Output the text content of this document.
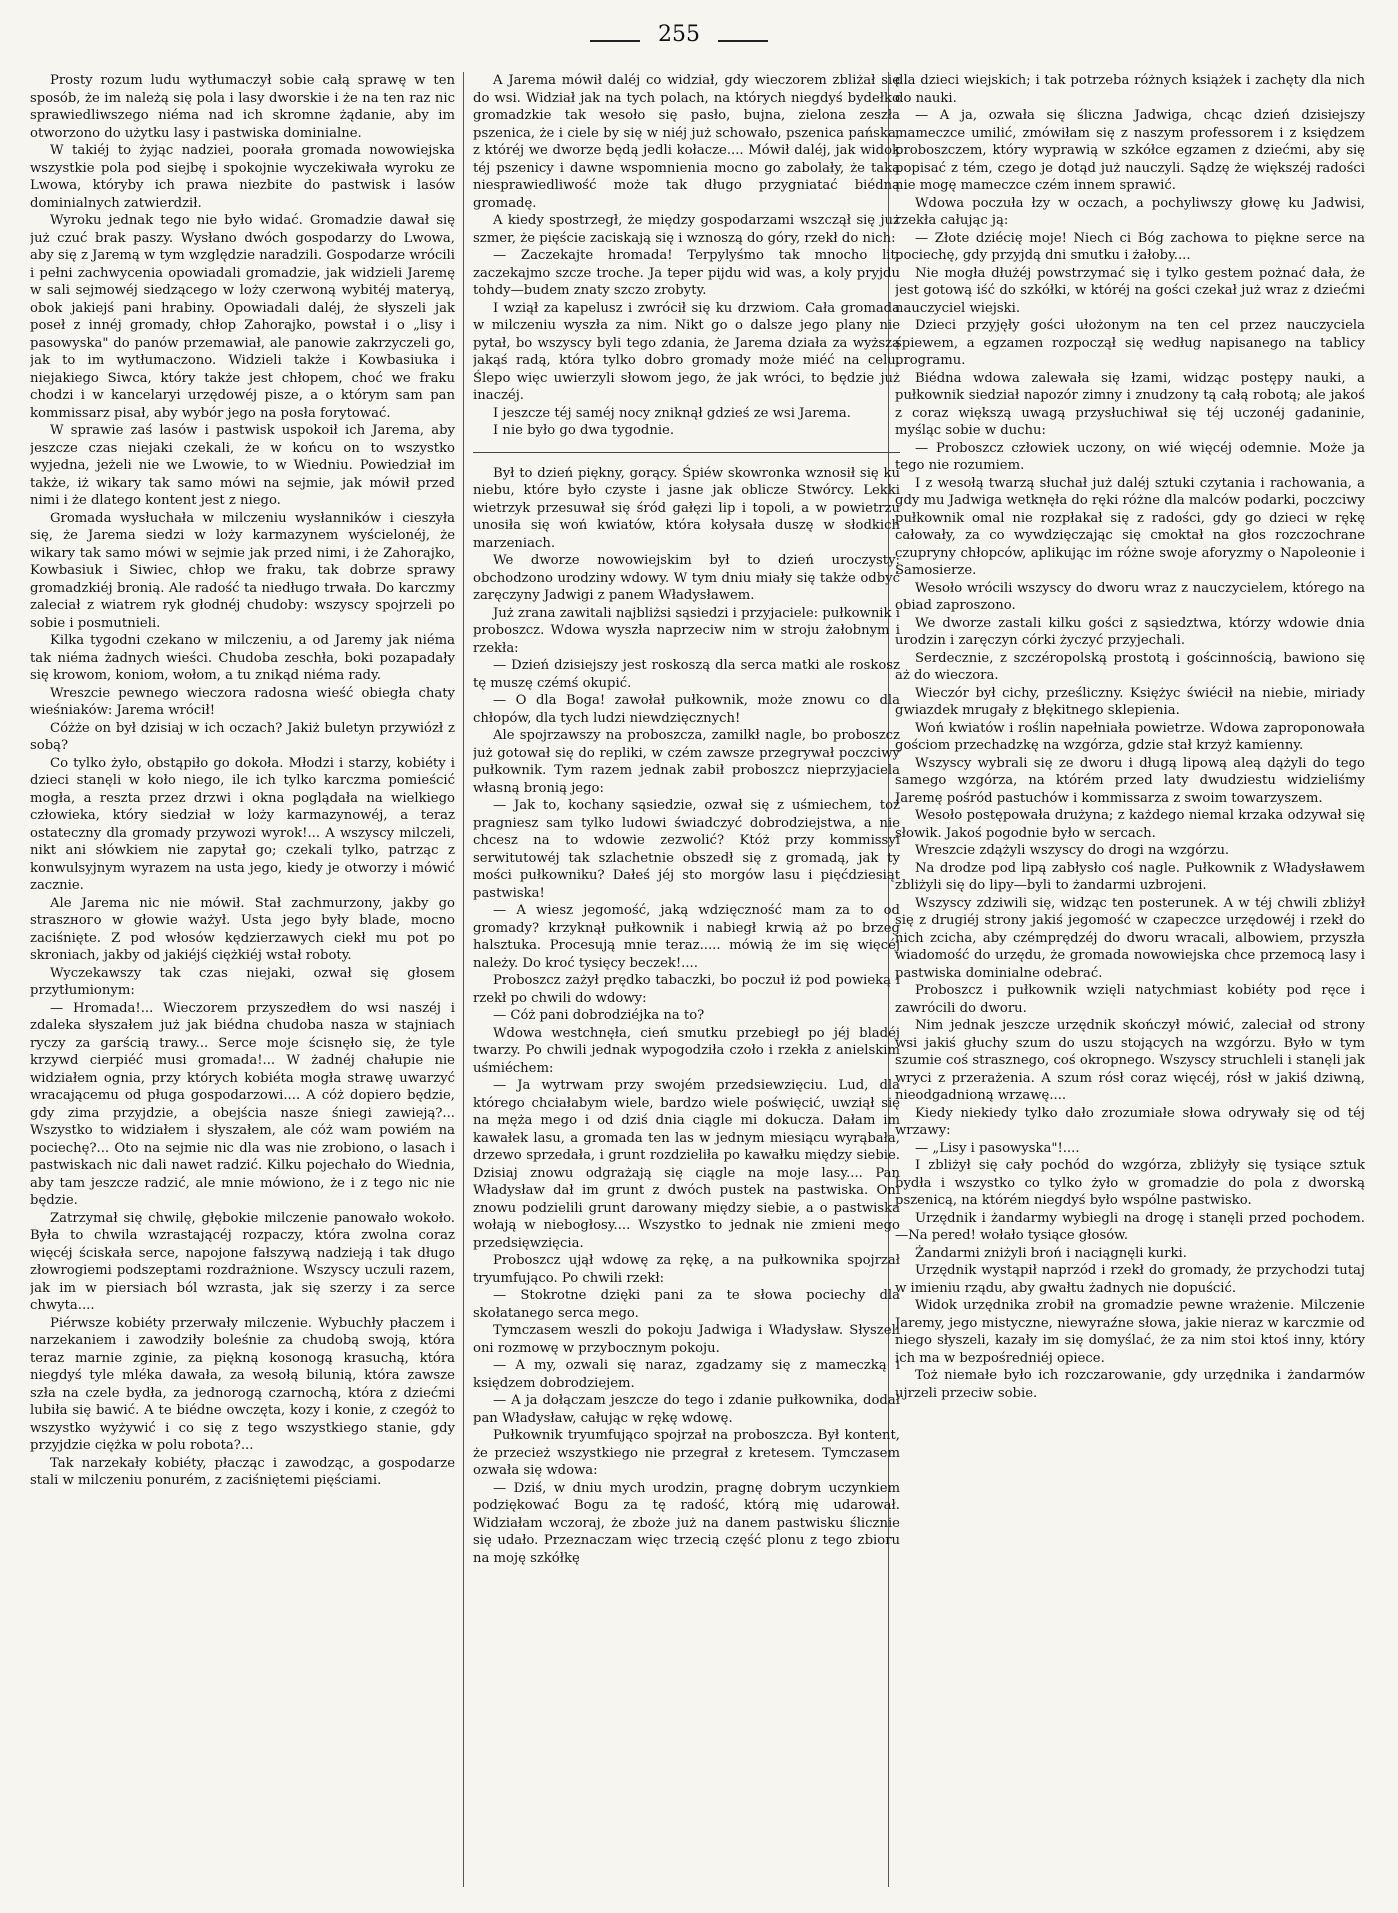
255

Prosty rozum ludu wytłumaczył sobie całą sprawę w ten sposób, że im należą się pola i lasy dworskie i że na ten raz nic sprawiedliwszego niéma nad ich skromne żądanie, aby im otworzono do użytku lasy i pastwiska dominialne.

W takiéj to żyjąc nadziei, poorała gromada nowowiejska wszystkie pola pod siejbę i spokojnie wyczekiwała wyroku ze Lwowa, któryby ich prawa niezbite do pastwisk i lasów dominialnych zatwierdził.

Wyroku jednak tego nie było widać. Gromadzie dawał się już czuć brak paszy. Wysłano dwóch gospodarzy do Lwowa, aby się z Jaremą w tym względzie naradzili. Gospodarze wrócili i pełni zachwycenia opowiadali gromadzie, jak widzieli Jaremę w sali sejmowéj siedzącego w loży czerwoną wybitéj materyą, obok jakiejś pani hrabiny. Opowiadali daléj, że słyszeli jak poseł z innéj gromady, chłop Zahorajko, powstał i o „lisy i pasowyska" do panów przemawiał, ale panowie zakrzyczeli go, jak to im wytłumaczono. Widzieli także i Kowbasiuka i niejakiego Siwca, który także jest chłopem, choć we fraku chodzi i w kancelaryi urzędowéj pisze, a o którym sam pan kommissarz pisał, aby wybór jego na posła forytować.

W sprawie zaś lasów i pastwisk uspokoił ich Jarema, aby jeszcze czas niejaki czekali, że w końcu on to wszystko wyjedna, jeżeli nie we Lwowie, to w Wiedniu. Powiedział im także, iż wikary tak samo mówi na sejmie, jak mówił przed nimi i że dlatego kontent jest z niego.

Gromada wysłuchała w milczeniu wysłanników i cieszyła się, że Jarema siedzi w loży karmazynem wyścielonéj, że wikary tak samo mówi w sejmie jak przed nimi, i że Zahorajko, Kowbasiuk i Siwiec, chłop we fraku, tak dobrze sprawy gromadzkiéj bronią. Ale radość ta niedługo trwała. Do karczmy zaleciał z wiatrem ryk głodnéj chudoby: wszyscy spojrzeli po sobie i posmutnieli.

Kilka tygodni czekano w milczeniu, a od Jaremy jak niéma tak niéma żadnych wieści. Chudoba zeschła, boki pozapadały się krowom, koniom, wołom, a tu znikąd niéma rady.

Wreszcie pewnego wieczora radosna wieść obiegła chaty wieśniaków: Jarema wrócił!

Cóżże on był dzisiaj w ich oczach? Jakiż buletyn przywiózł z sobą?

Co tylko żyło, obstąpiło go dokoła. Młodzi i starzy, kobiéty i dzieci stanęli w koło niego, ile ich tylko karczma pomieścić mogła, a reszta przez drzwi i okna poglądała na wielkiego człowieka, który siedział w loży karmazynowéj, a teraz ostateczny dla gromady przywozi wyrok!... A wszyscy milczeli, nikt ani słówkiem nie zapytał go; czekali tylko, patrząc z konwulsyjnym wyrazem na usta jego, kiedy je otworzy i mówić zacznie.

Ale Jarema nic nie mówił. Stał zachmurzony, jakby go straszного w głowie ważył. Usta jego były blade, mocno zaciśnięte. Z pod włosów kędzierzawych ciekł mu pot po skroniach, jakby od jakiéjś ciężkiéj wstał roboty.

Wyczekawszy tak czas niejaki, ozwał się głosem przytłumionym:

— Hromada!... Wieczorem przyszedłem do wsi naszéj i zdaleka słyszałem już jak biédna chudoba nasza w stajniach ryczy za garścią trawy... Serce moje ścisnęło się, że tyle krzywd cierpiéć musi gromada!... W żadnéj chałupie nie widziałem ognia, przy których kobiéta mogła strawę uwarzyć wracającemu od pługa gospodarzowi.... A cóż dopiero będzie, gdy zima przyjdzie, a obejścia nasze śniegi zawieją?... Wszystko to widziałem i słyszałem, ale cóż wam powiém na pociechę?... Oto na sejmie nic dla was nie zrobiono, o lasach i pastwiskach nic dali nawet radzić. Kilku pojechało do Wiednia, aby tam jeszcze radzić, ale mnie mówiono, że i z tego nic nie będzie.

Zatrzymał się chwilę, głębokie milczenie panowało wokoło. Była to chwila wzrastającéj rozpaczy, która zwolna coraz więcéj ściskała serce, napojone fałszywą nadzieją i tak długo złowrogiemi podszeptami rozdrażnione. Wszyscy uczuli razem, jak im w piersiach ból wzrasta, jak się szerzy i za serce chwyta....

Piérwsze kobiéty przerwały milczenie. Wybuchły płaczem i narzekaniem i zawodziły boleśnie za chudobą swoją, która teraz marnie zginie, za piękną kosonogą krasuchą, która niegdyś tyle mléka dawała, za wesołą bilunią, która zawsze szła na czele bydła, za jednorogą czarnochą, która z dziećmi lubiła się bawić. A te biédne owczęta, kozy i konie, z czegóż to wszystko wyżywić i co się z tego wszystkiego stanie, gdy przyjdzie ciężka w polu robota?...

Tak narzekały kobiéty, płacząc i zawodząc, a gospodarze stali w milczeniu ponurém, z zaciśniętemi pięściami.

A Jarema mówił daléj co widział, gdy wieczorem zbliżał się do wsi. Widział jak na tych polach, na których niegdyś bydełko gromadzkie tak wesoło się pasło, bujna, zielona zeszła pszenica, że i ciele by się w niéj już schowało, pszenica pańska, z któréj we dworze będą jedli kołacze.... Mówił daléj, jak widok téj pszenicy i dawne wspomnienia mocno go zabolały, że taka niesprawiedliwość może tak długo przygniatać biédną gromadę.

A kiedy spostrzegł, że między gospodarzami wszczął się już szmer, że pięście zaciskają się i wznoszą do góry, rzekł do nich:

— Zaczekajte hromada! Terpylyśmo tak mnocho lit, zaczekajmo szcze troche. Ja teper pijdu wid was, a koly pryjdu tohdy—budem znaty szczo zrobyty.

I wziął za kapelusz i zwrócił się ku drzwiom. Cała gromada w milczeniu wyszła za nim. Nikt go o dalsze jego plany nie pytał, bo wszyscy byli tego zdania, że Jarema działa za wyższą jakąś radą, która tylko dobro gromady może miéć na celu. Ślepo więc uwierzyli słowom jego, że jak wróci, to będzie już inaczéj.

I jeszcze téj saméj nocy zniknął gdzieś ze wsi Jarema.

I nie było go dwa tygodnie.

Był to dzień piękny, gorący. Śpiéw skowronka wznosił się ku niebu, które było czyste i jasne jak oblicze Stwórcy. Lekki wietrzyk przesuwał się śród gałęzi lip i topoli, a w powietrzu unosiła się woń kwiatów, która kołysała duszę w słodkich marzeniach.

We dworze nowowiejskim był to dzień uroczysty: obchodzono urodziny wdowy. W tym dniu miały się także odbyć zaręczyny Jadwigi z panem Władysławem.

Już zrana zawitali najbliżsi sąsiedzi i przyjaciele: pułkownik i proboszcz. Wdowa wyszła naprzeciw nim w stroju żałobnym i rzekła:

— Dzień dzisiejszy jest roskoszą dla serca matki ale roskosz tę muszę czémś okupić.

— O dla Boga! zawołał pułkownik, może znowu co dla chłopów, dla tych ludzi niewdzięcznych!

Ale spojrzawszy na proboszcza, zamilkł nagle, bo proboszcz już gotował się do repliki, w czém zawsze przegrywał poczciwy pułkownik. Tym razem jednak zabił proboszcz nieprzyjaciela własną bronią jego:

— Jak to, kochany sąsiedzie, ozwał się z uśmiechem, toż pragniesz sam tylko ludowi świadczyć dobrodziejstwa, a nie chcesz na to wdowie zezwolić? Któż przy kommissyi serwitutowéj tak szlachetnie obszedł się z gromadą, jak ty mości pułkowniku? Dałeś jéj sto morgów lasu i pięćdziesiąt pastwiska!

— A wiesz jegomość, jaką wdzięczność mam za to od gromady? krzyknął pułkownik i nabiegł krwią aż po brzeg halsztuka. Procesują mnie teraz..... mówią że im się więcéj należy. Do kroć tysięcy beczek!....

Proboszcz zażył prędko tabaczki, bo poczuł iż pod powieką i rzekł po chwili do wdowy:

— Cóż pani dobrodziéjka na to?

Wdowa westchnęła, cień smutku przebiegł po jéj bladéj twarzy. Po chwili jednak wypogodziła czoło i rzekła z anielskim uśmiéchem:

— Ja wytrwam przy swojém przedsiewzięciu. Lud, dla którego chciałabym wiele, bardzo wiele poświęcić, uwziął się na męża mego i od dziś dnia ciągle mi dokucza. Dałam im kawałek lasu, a gromada ten las w jednym miesiącu wyrąbała, drzewo sprzedała, i grunt rozdzieliła po kawałku między siebie. Dzisiaj znowu odgrażają się ciągle na moje lasy.... Pan Władysław dał im grunt z dwóch pustek na pastwiska. Oni znowu podzielili grunt darowany między siebie, a o pastwiska wołają w niebogłosy.... Wszystko to jednak nie zmieni mego przedsięwzięcia.

Proboszcz ujął wdowę za rękę, a na pułkownika spojrzał tryumfująco. Po chwili rzekł:

— Stokrotne dzięki pani za te słowa pociechy dla skołatanego serca mego.

Tymczasem weszli do pokoju Jadwiga i Władysław. Słyszeli oni rozmowę w przybocznym pokoju.

— A my, ozwali się naraz, zgadzamy się z mameczką i księdzem dobrodziejem.

— A ja dołączam jeszcze do tego i zdanie pułkownika, dodał pan Władysław, całując w rękę wdowę.

Pułkownik tryumfująco spojrzał na proboszcza. Był kontent, że przecież wszystkiego nie przegrał z kretesem. Tymczasem ozwała się wdowa:

— Dziś, w dniu mych urodzin, pragnę dobrym uczynkiem podziękować Bogu za tę radość, którą mię udarował. Widziałam wczoraj, że zboże już na danem pastwisku ślicznie się udało. Przeznaczam więc trzecią część plonu z tego zbioru na moję szkółkę

dla dzieci wiejskich; i tak potrzeba różnych książek i zachęty dla nich do nauki.

— A ja, ozwała się śliczna Jadwiga, chcąc dzień dzisiejszy mameczce umilić, zmówiłam się z naszym professorem i z księdzem proboszczem, który wyprawią w szkółce egzamen z dziećmi, aby się popisać z tém, czego je dotąd już nauczyli. Sądzę że większéj radości nie mogę mameczce czém innem sprawić.

Wdowa poczuła łzy w oczach, a pochyliwszy głowę ku Jadwisi, rzekła całując ją:

— Złote dziécię moje! Niech ci Bóg zachowa to piękne serce na pociechę, gdy przyjdą dni smutku i żałoby....

Nie mogła dłużéj powstrzymać się i tylko gestem pożnać dała, że jest gotową iść do szkółki, w któréj na gości czekał już wraz z dziećmi nauczyciel wiejski.

Dzieci przyjęły gości ułożonym na ten cel przez nauczyciela śpiewem, a egzamen rozpoczął się według napisanego na tablicy programu.

Biédna wdowa zalewała się łzami, widząc postępy nauki, a pułkownik siedział napozór zimny i znudzony tą całą robotą; ale jakoś z coraz większą uwagą przysłuchiwał się téj uczonéj gadaninie, myśląc sobie w duchu:

— Proboszcz człowiek uczony, on wié więcéj odemnie. Może ja tego nie rozumiem.

I z wesołą twarzą słuchał już daléj sztuki czytania i rachowania, a gdy mu Jadwiga wetknęła do ręki różne dla malców podarki, poczciwy pułkownik omal nie rozpłakał się z radości, gdy go dzieci w rękę całowały, za co wywdzięczając się cmoktał na głos rozczochrane czupryny chłopców, aplikując im różne swoje aforyzmy o Napoleonie i Samosierze.

Wesoło wrócili wszyscy do dworu wraz z nauczycielem, którego na obiad zaproszono.

We dworze zastali kilku gości z sąsiedztwa, którzy wdowie dnia urodzin i zaręczyn córki życzyć przyjechali.

Serdecznie, z szczéropolską prostotą i gościnnością, bawiono się aż do wieczora.

Wieczór był cichy, prześliczny. Księżyc świécił na niebie, miriady gwiazdek mrugały z błękitnego sklepienia.

Woń kwiatów i roślin napełniała powietrze. Wdowa zaproponowała gościom przechadzkę na wzgórza, gdzie stał krzyż kamienny.

Wszyscy wybrali się ze dworu i długą lipową aleą dążyli do tego samego wzgórza, na którém przed laty dwudziestu widzieliśmy Jaremę pośród pastuchów i kommissarza z swoim towarzyszem.

Wesoło postępowała drużyna; z każdego niemal krzaka odzywał się słowik. Jakoś pogodnie było w sercach.

Wreszcie zdążyli wszyscy do drogi na wzgórzu.

Na drodze pod lipą zabłysło coś nagle. Pułkownik z Władysławem zbliżyli się do lipy—byli to żandarmi uzbrojeni.

Wszyscy zdziwili się, widząc ten posterunek. A w téj chwili zbliżył się z drugiéj strony jakiś jegomość w czapeczce urzędowéj i rzekł do nich zcicha, aby czémprędzéj do dworu wracali, albowiem, przyszła wiadomość do urzędu, że gromada nowowiejska chce przemocą lasy i pastwiska dominialne odebrać.

Proboszcz i pułkownik wzięli natychmiast kobiéty pod ręce i zawrócili do dworu.

Nim jednak jeszcze urzędnik skończył mówić, zaleciał od strony wsi jakiś głuchy szum do uszu stojących na wzgórzu. Było w tym szumie coś strasznego, coś okropnego. Wszyscy struchleli i stanęli jak wryci z przerażenia. A szum rósł coraz więcéj, rósł w jakiś dziwną, nieodgadnioną wrzawę....

Kiedy niekiedy tylko dało zrozumiałe słowa odrywały się od téj wrzawy:

— „Lisy i pasowyska"!....

I zbliżył się cały pochód do wzgórza, zbliżyły się tysiące sztuk bydła i wszystko co tylko żyło w gromadzie do pola z dworską pszenicą, na którém niegdyś było wspólne pastwisko.

Urzędnik i żandarmy wybiegli na drogę i stanęli przed pochodem.—Na pered! wołało tysiące głosów.

Żandarmi zniżyli broń i naciągnęli kurki.

Urzędnik wystąpił naprzód i rzekł do gromady, że przychodzi tutaj w imieniu rządu, aby gwałtu żadnych nie dopuścić.

Widok urzędnika zrobił na gromadzie pewne wrażenie. Milczenie Jaremy, jego mistyczne, niewyraźne słowa, jakie nieraz w karczmie od niego słyszeli, kazały im się domyślać, że za nim stoi ktoś inny, który ich ma w bezpośredniéj opiece.

Toż niemałe było ich rozczarowanie, gdy urzędnika i żandarmów ujrzeli przeciw sobie.
